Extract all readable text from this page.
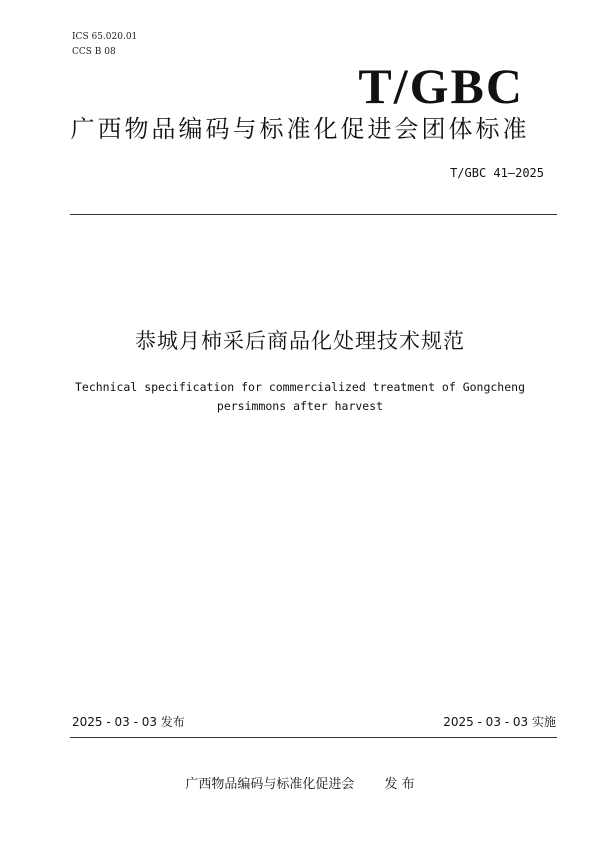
ICS 65.020.01
CCS B 08
T/GBC
广西物品编码与标准化促进会团体标准
T/GBC 41—2025
恭城月柿采后商品化处理技术规范
Technical specification for commercialized treatment of Gongcheng persimmons after harvest
2025 - 03 - 03 发布	2025 - 03 - 03 实施
广西物品编码与标准化促进会 发 布
